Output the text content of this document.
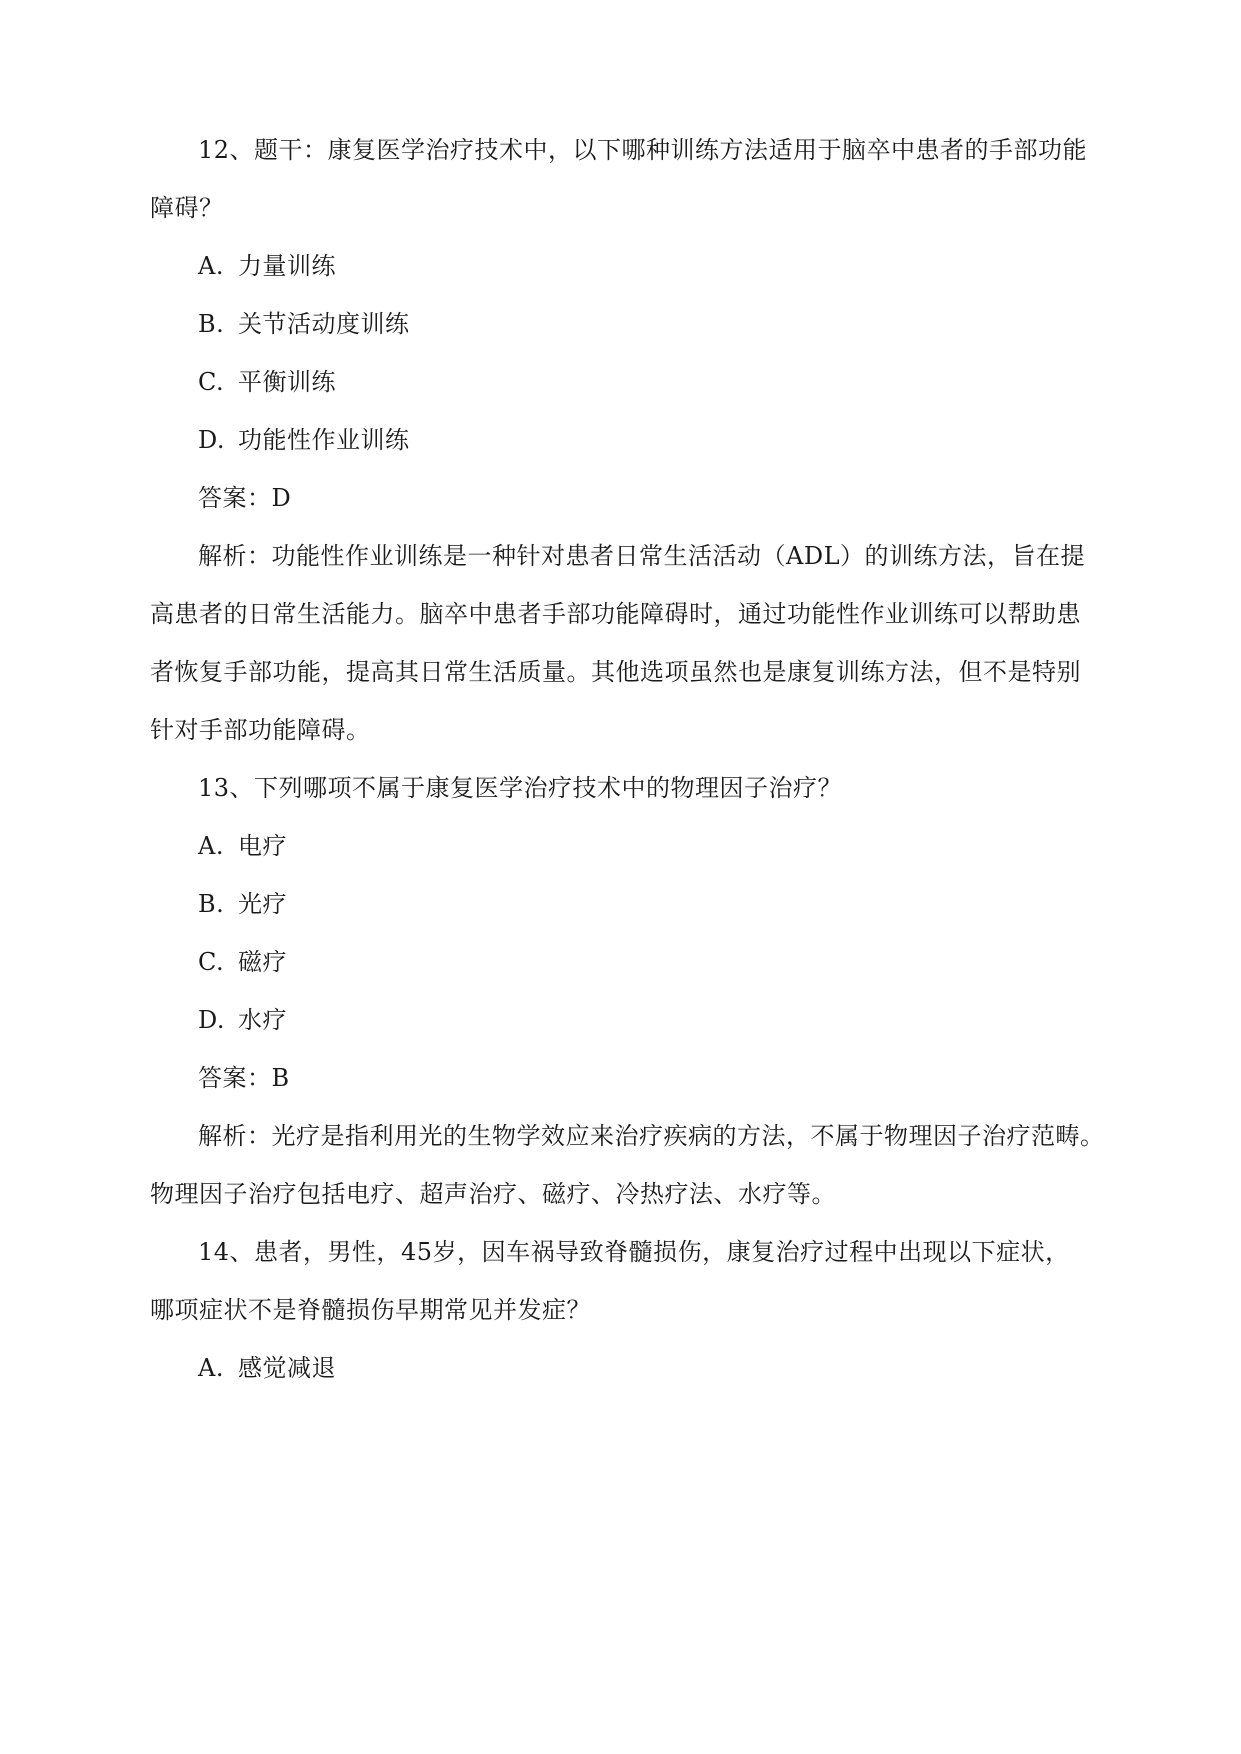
12、题干：康复医学治疗技术中，以下哪种训练方法适用于脑卒中患者的手部功能
障碍？
A. 力量训练
B. 关节活动度训练
C. 平衡训练
D. 功能性作业训练
答案：D
解析：功能性作业训练是一种针对患者日常生活活动（ADL）的训练方法，旨在提
高患者的日常生活能力。脑卒中患者手部功能障碍时，通过功能性作业训练可以帮助患
者恢复手部功能，提高其日常生活质量。其他选项虽然也是康复训练方法，但不是特别
针对手部功能障碍。
13、下列哪项不属于康复医学治疗技术中的物理因子治疗？
A. 电疗
B. 光疗
C. 磁疗
D. 水疗
答案：B
解析：光疗是指利用光的生物学效应来治疗疾病的方法，不属于物理因子治疗范畴。
物理因子治疗包括电疗、超声治疗、磁疗、冷热疗法、水疗等。
14、患者，男性，45岁，因车祸导致脊髓损伤，康复治疗过程中出现以下症状，
哪项症状不是脊髓损伤早期常见并发症？
A. 感觉减退
